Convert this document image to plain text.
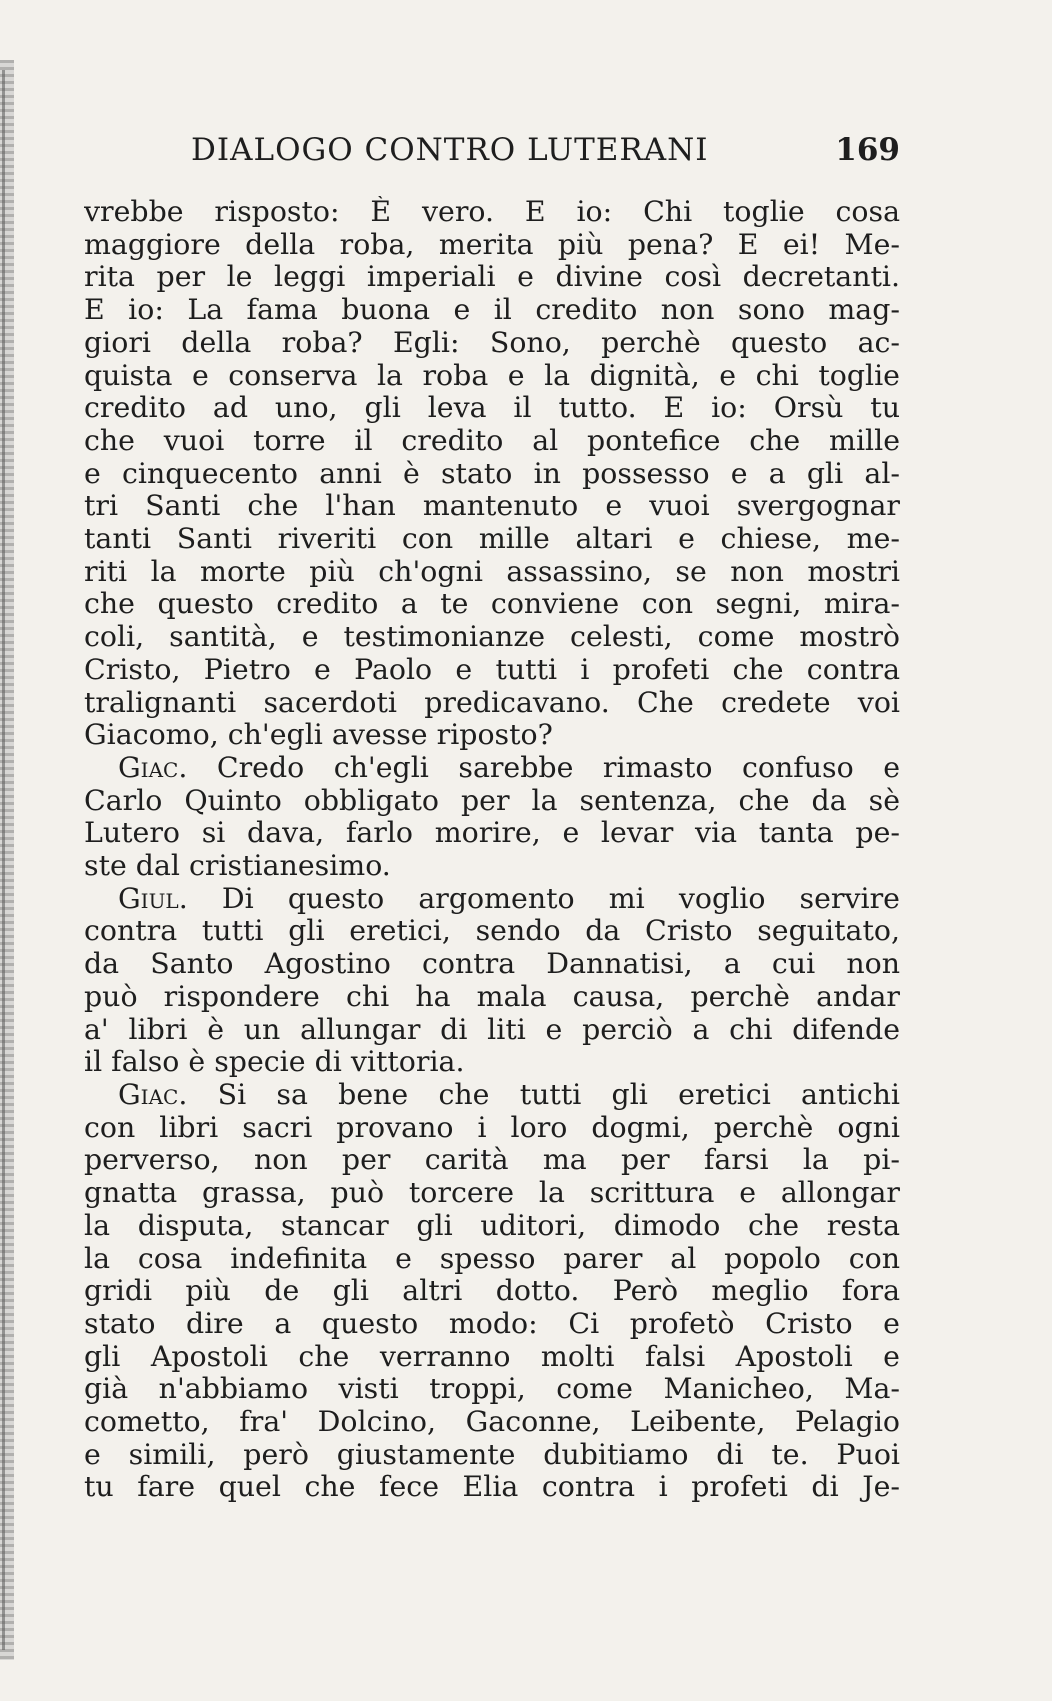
DIALOGO CONTRO LUTERANI	169
vrebbe risposto: È vero. E io: Chi toglie cosa
maggiore della roba, merita più pena? E ei! Me-
rita per le leggi imperiali e divine così decretanti.
E io: La fama buona e il credito non sono mag-
giori della roba? Egli: Sono, perchè questo ac-
quista e conserva la roba e la dignità, e chi toglie
credito ad uno, gli leva il tutto. E io: Orsù tu
che vuoi torre il credito al pontefice che mille
e cinquecento anni è stato in possesso e a gli al-
tri Santi che l'han mantenuto e vuoi svergognar
tanti Santi riveriti con mille altari e chiese, me-
riti la morte più ch'ogni assassino, se non mostri
che questo credito a te conviene con segni, mira-
coli, santità, e testimonianze celesti, come mostrò
Cristo, Pietro e Paolo e tutti i profeti che contra
tralignanti sacerdoti predicavano. Che credete voi
Giacomo, ch'egli avesse riposto?
Giac. Credo ch'egli sarebbe rimasto confuso e
Carlo Quinto obbligato per la sentenza, che da sè
Lutero si dava, farlo morire, e levar via tanta pe-
ste dal cristianesimo.
Giul. Di questo argomento mi voglio servire
contra tutti gli eretici, sendo da Cristo seguitato,
da Santo Agostino contra Dannatisi, a cui non
può rispondere chi ha mala causa, perchè andar
a' libri è un allungar di liti e perciò a chi difende
il falso è specie di vittoria.
Giac. Si sa bene che tutti gli eretici antichi
con libri sacri provano i loro dogmi, perchè ogni
perverso, non per carità ma per farsi la pi-
gnatta grassa, può torcere la scrittura e allongar
la disputa, stancar gli uditori, dimodo che resta
la cosa indefinita e spesso parer al popolo con
gridi più de gli altri dotto. Però meglio fora
stato dire a questo modo: Ci profetò Cristo e
gli Apostoli che verranno molti falsi Apostoli e
già n'abbiamo visti troppi, come Manicheo, Ma-
cometto, fra' Dolcino, Gaconne, Leibente, Pelagio
e simili, però giustamente dubitiamo di te. Puoi
tu fare quel che fece Elia contra i profeti di Je-
